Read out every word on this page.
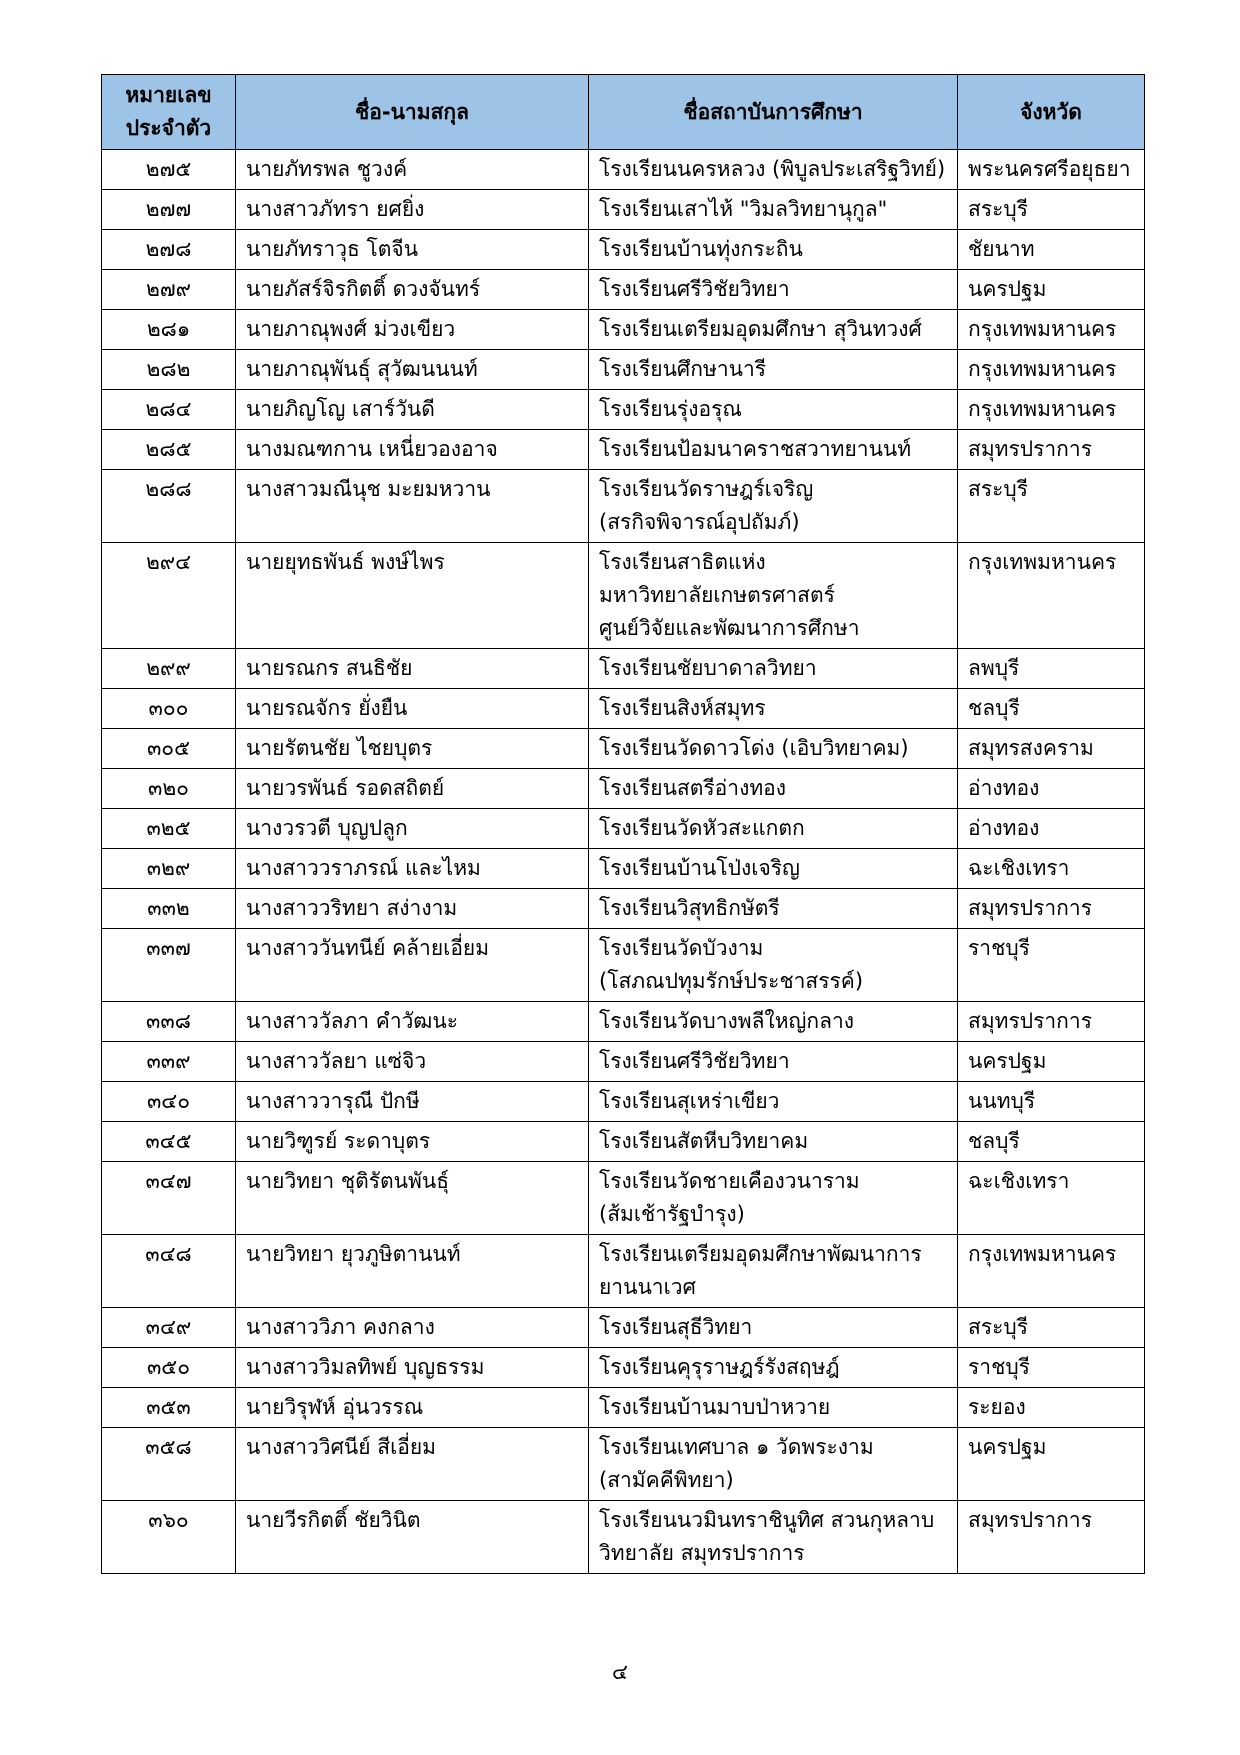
หมายเลข
ประจำตัว	ชื่อ-นามสกุล	ชื่อสถาบันการศึกษา	จังหวัด
๒๗๕	นายภัทรพล ชูวงค์	โรงเรียนนครหลวง (พิบูลประเสริฐวิทย์)	พระนครศรีอยุธยา
๒๗๗	นางสาวภัทรา ยศยิ่ง	โรงเรียนเสาไห้ "วิมลวิทยานุกูล"	สระบุรี
๒๗๘	นายภัทราวุธ โตจีน	โรงเรียนบ้านทุ่งกระถิน	ชัยนาท
๒๗๙	นายภัสร์จิรกิตติ์ ดวงจันทร์	โรงเรียนศรีวิชัยวิทยา	นครปฐม
๒๘๑	นายภาณุพงศ์ ม่วงเขียว	โรงเรียนเตรียมอุดมศึกษา สุวินทวงศ์	กรุงเทพมหานคร
๒๘๒	นายภาณุพันธุ์ สุวัฒนนนท์	โรงเรียนศึกษานารี	กรุงเทพมหานคร
๒๘๔	นายภิญโญ เสาร์วันดี	โรงเรียนรุ่งอรุณ	กรุงเทพมหานคร
๒๘๕	นางมณฑกาน เหนี่ยวองอาจ	โรงเรียนป้อมนาคราชสวาทยานนท์	สมุทรปราการ
๒๘๘	นางสาวมณีนุช มะยมหวาน	โรงเรียนวัดราษฎร์เจริญ
(สรกิจพิจารณ์อุปถัมภ์)	สระบุรี
๒๙๔	นายยุทธพันธ์ พงษ์ไพร	โรงเรียนสาธิตแห่ง
มหาวิทยาลัยเกษตรศาสตร์
ศูนย์วิจัยและพัฒนาการศึกษา	กรุงเทพมหานคร
๒๙๙	นายรณกร สนธิชัย	โรงเรียนชัยบาดาลวิทยา	ลพบุรี
๓๐๐	นายรณจักร ยั่งยืน	โรงเรียนสิงห์สมุทร	ชลบุรี
๓๐๕	นายรัตนชัย ไชยบุตร	โรงเรียนวัดดาวโด่ง (เอิบวิทยาคม)	สมุทรสงคราม
๓๒๐	นายวรพันธ์ รอดสถิตย์	โรงเรียนสตรีอ่างทอง	อ่างทอง
๓๒๕	นางวรวตี บุญปลูก	โรงเรียนวัดหัวสะแกตก	อ่างทอง
๓๒๙	นางสาววราภรณ์ และไหม	โรงเรียนบ้านโป่งเจริญ	ฉะเชิงเทรา
๓๓๒	นางสาววริทยา สง่างาม	โรงเรียนวิสุทธิกษัตรี	สมุทรปราการ
๓๓๗	นางสาววันทนีย์ คล้ายเอี่ยม	โรงเรียนวัดบัวงาม
(โสภณปทุมรักษ์ประชาสรรค์)	ราชบุรี
๓๓๘	นางสาววัลภา คำวัฒนะ	โรงเรียนวัดบางพลีใหญ่กลาง	สมุทรปราการ
๓๓๙	นางสาววัลยา แซ่จิว	โรงเรียนศรีวิชัยวิทยา	นครปฐม
๓๔๐	นางสาววารุณี ปักษี	โรงเรียนสุเหร่าเขียว	นนทบุรี
๓๔๕	นายวิฑูรย์ ระดาบุตร	โรงเรียนสัตหีบวิทยาคม	ชลบุรี
๓๔๗	นายวิทยา ชุติรัตนพันธุ์	โรงเรียนวัดชายเคืองวนาราม
(ส้มเช้ารัฐบำรุง)	ฉะเชิงเทรา
๓๔๘	นายวิทยา ยุวภูษิตานนท์	โรงเรียนเตรียมอุดมศึกษาพัฒนาการ
ยานนาเวศ	กรุงเทพมหานคร
๓๔๙	นางสาววิภา คงกลาง	โรงเรียนสุธีวิทยา	สระบุรี
๓๕๐	นางสาววิมลทิพย์ บุญธรรม	โรงเรียนคุรุราษฎร์รังสฤษฎ์	ราชบุรี
๓๕๓	นายวิรุฬห์ อุ่นวรรณ	โรงเรียนบ้านมาบป่าหวาย	ระยอง
๓๕๘	นางสาววิศนีย์ สีเอี่ยม	โรงเรียนเทศบาล ๑ วัดพระงาม
(สามัคคีพิทยา)	นครปฐม
๓๖๐	นายวีรกิตติ์ ชัยวินิต	โรงเรียนนวมินทราชินูทิศ สวนกุหลาบ
วิทยาลัย สมุทรปราการ	สมุทรปราการ
๔
